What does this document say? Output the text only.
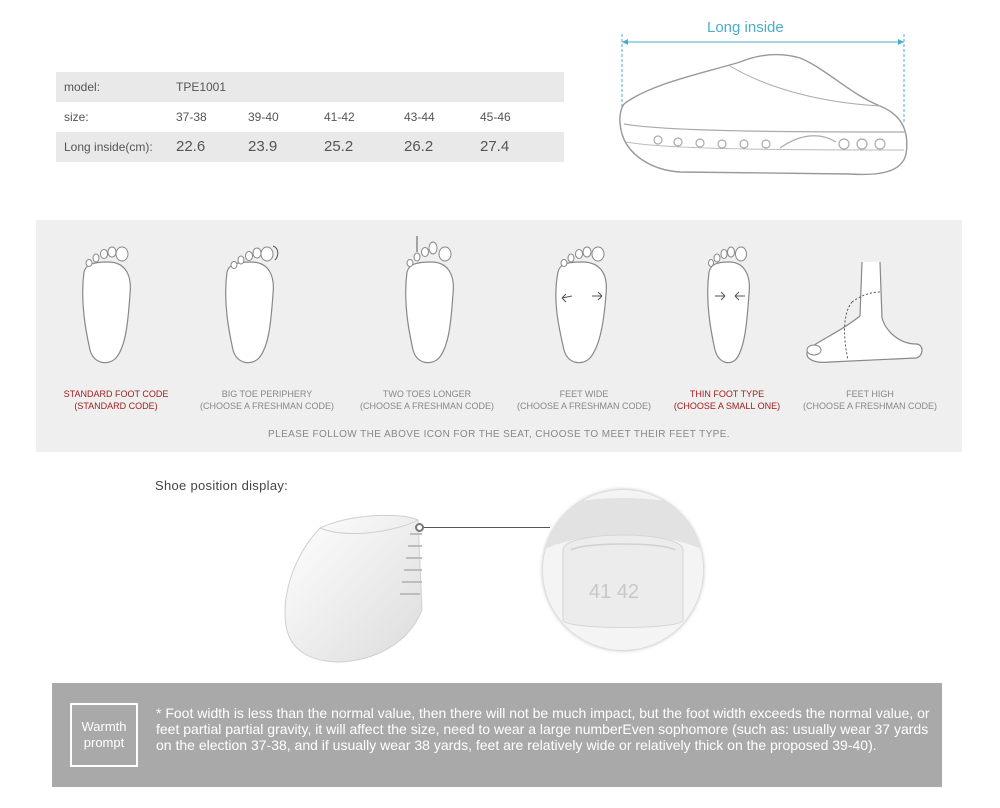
model:	TPE1001
size:	37-38	39-40	41-42	43-44	45-46
Long inside(cm): 22.6	23.9	25.2	26.2	27.4
Long inside
STANDARD FOOT CODE
(STANDARD CODE)
BIG TOE PERIPHERY
(CHOOSE A FRESHMAN CODE)
TWO TOES LONGER
(CHOOSE A FRESHMAN CODE)
FEET WIDE
(CHOOSE A FRESHMAN CODE)
THIN FOOT TYPE
(CHOOSE A SMALL ONE)
FEET HIGH
(CHOOSE A FRESHMAN CODE)
PLEASE FOLLOW THE ABOVE ICON FOR THE SEAT, CHOOSE TO MEET THEIR FEET TYPE.
Shoe position display:
41 42
Warmth
prompt
* Foot width is less than the normal value, then there will not be much impact, but the foot width exceeds the normal value, or feet partial partial gravity, it will affect the size, need to wear a large numberEven sophomore (such as: usually wear 37 yards on the election 37-38, and if usually wear 38 yards, feet are relatively wide or relatively thick on the proposed 39-40).
